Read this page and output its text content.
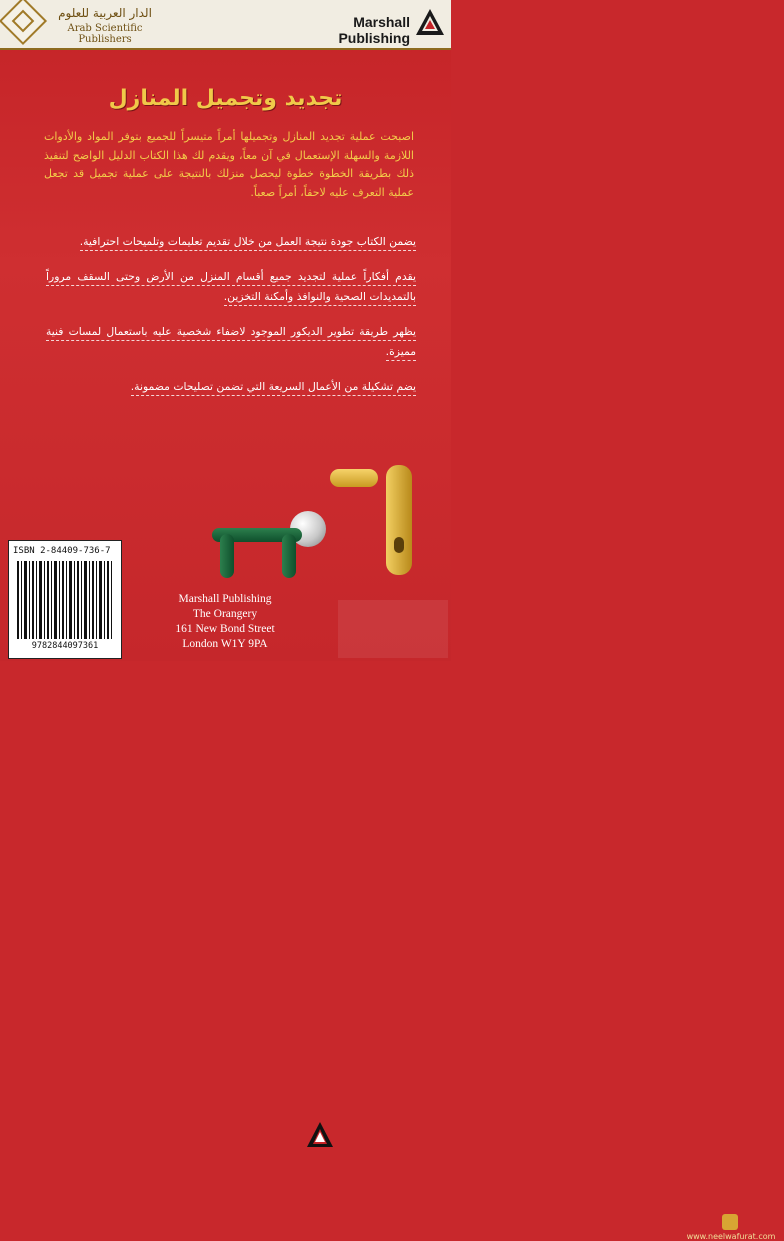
الدار العربية للعلوم
Arab Scientific Publishers
Marshall Publishing
تجديد وتجميل المنازل
اصبحت عملية تجديد المنازل وتجميلها أمراً متيسراً للجميع بتوفر المواد والأدوات اللازمة والسهلة الإستعمال في آن معاً، ويقدم لك هذا الكتاب الدليل الواضح لتنفيذ ذلك بطريقة الخطوة خطوة ليحصل منزلك بالنتيجة على عملية تجميل قد تجعل عملية التعرف عليه لاحقاً، أمراً صعباً.
يضمن الكتاب جودة نتيجة العمل من خلال تقديم تعليمات وتلميحات احترافية.
يقدم أفكاراً عملية لتجديد جميع أقسام المنزل من الأرض وحتى السقف مروراً بالتمديدات الصحية والنوافذ وأمكنة التخزين.
يظهر طريقة تطوير الديكور الموجود لاضفاء شخصية عليه باستعمال لمسات فنية مميزة.
يضم تشكيلة من الأعمال السريعة التي تضمن تصليحات مضمونة.
ISBN 2-84409-736-7
9782844097361
Marshall Publishing
The Orangery
161 New Bond Street
London W1Y 9PA
www.neelwafurat.com
